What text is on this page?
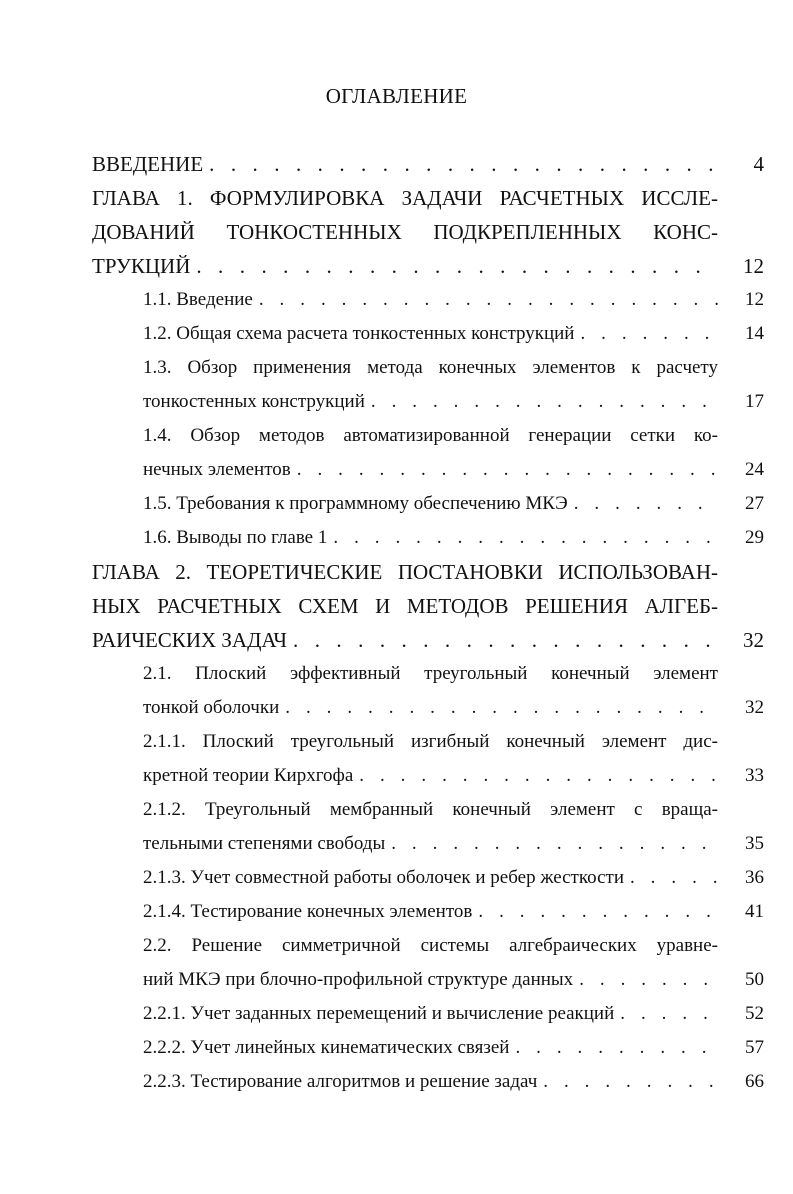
ОГЛАВЛЕНИЕ
ВВЕДЕНИЕ . . .	4
ГЛАВА 1. ФОРМУЛИРОВКА ЗАДАЧИ РАСЧЕТНЫХ ИССЛЕ-
ДОВАНИЙ ТОНКОСТЕННЫХ ПОДКРЕПЛЕННЫХ КОНС-
ТРУКЦИЙ . . .	12
1.1. Введение . . .	12
1.2. Общая схема расчета тонкостенных конструкций . . .	14
1.3. Обзор применения метода конечных элементов к расчету
тонкостенных конструкций . . .	17
1.4. Обзор методов автоматизированной генерации сетки ко-
нечных элементов . . .	24
1.5. Требования к программному обеспечению МКЭ . . .	27
1.6. Выводы по главе 1 . . .	29
ГЛАВА 2. ТЕОРЕТИЧЕСКИЕ ПОСТАНОВКИ ИСПОЛЬЗОВАН-
НЫХ РАСЧЕТНЫХ СХЕМ И МЕТОДОВ РЕШЕНИЯ АЛГЕБ-
РАИЧЕСКИХ ЗАДАЧ . . .	32
2.1. Плоский эффективный треугольный конечный элемент
тонкой оболочки . . .	32
2.1.1. Плоский треугольный изгибный конечный элемент дис-
кретной теории Кирхгофа . . .	33
2.1.2. Треугольный мембранный конечный элемент с враща-
тельными степенями свободы . . .	35
2.1.3. Учет совместной работы оболочек и ребер жесткости . . .	36
2.1.4. Тестирование конечных элементов . . .	41
2.2. Решение симметричной системы алгебраических уравне-
ний МКЭ при блочно-профильной структуре данных . . .	50
2.2.1. Учет заданных перемещений и вычисление реакций . . .	52
2.2.2. Учет линейных кинематических связей . . .	57
2.2.3. Тестирование алгоритмов и решение задач . . .	66
